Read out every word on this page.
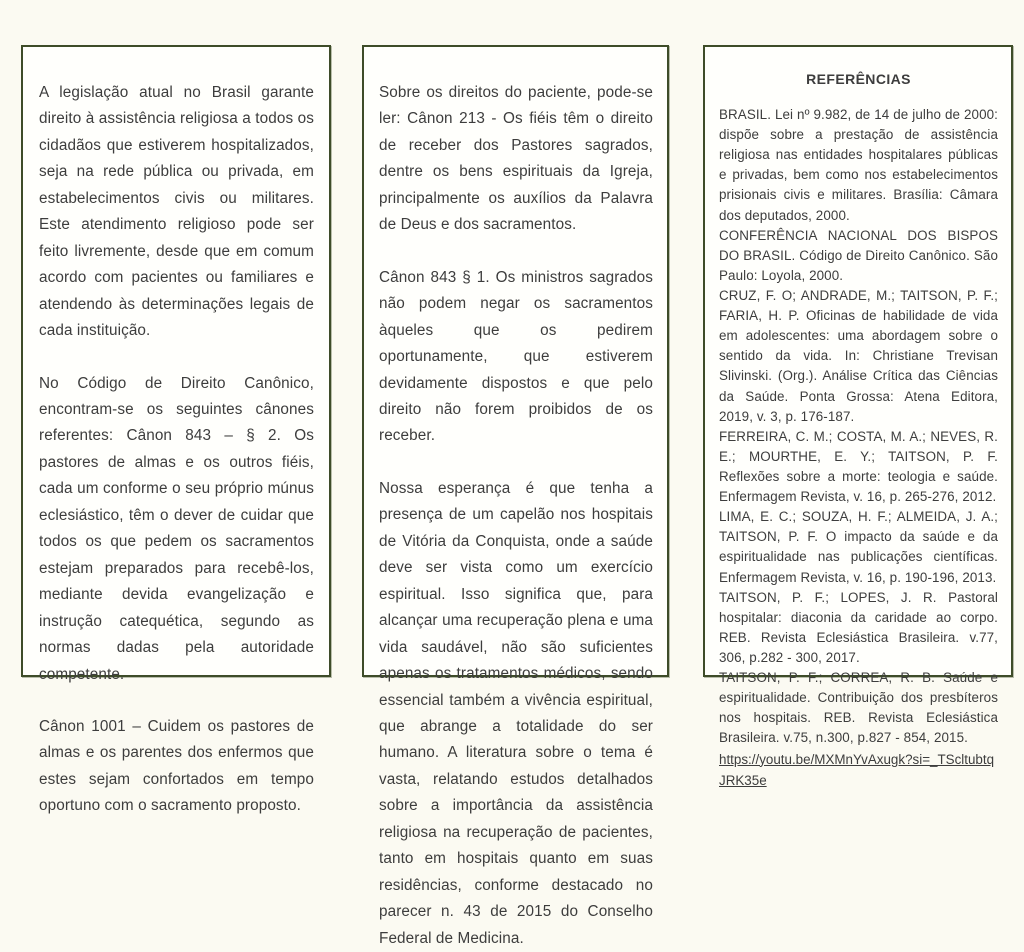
A legislação atual no Brasil garante direito à assistência religiosa a todos os cidadãos que estiverem hospitalizados, seja na rede pública ou privada, em estabelecimentos civis ou militares. Este atendimento religioso pode ser feito livremente, desde que em comum acordo com pacientes ou familiares e atendendo às determinações legais de cada instituição.

No Código de Direito Canônico, encontram-se os seguintes cânones referentes: Cânon 843 – § 2. Os pastores de almas e os outros fiéis, cada um conforme o seu próprio múnus eclesiástico, têm o dever de cuidar que todos os que pedem os sacramentos estejam preparados para recebê-los, mediante devida evangelização e instrução catequética, segundo as normas dadas pela autoridade competente.

Cânon 1001 – Cuidem os pastores de almas e os parentes dos enfermos que estes sejam confortados em tempo oportuno com o sacramento proposto.

Sobre os direitos do paciente, pode-se ler: Cânon 213 - Os fiéis têm o direito de receber dos Pastores sagrados, dentre os bens espirituais da Igreja, principalmente os auxílios da Palavra de Deus e dos sacramentos.

Cânon 843 § 1. Os ministros sagrados não podem negar os sacramentos àqueles que os pedirem oportunamente, que estiverem devidamente dispostos e que pelo direito não forem proibidos de os receber.

Nossa esperança é que tenha a presença de um capelão nos hospitais de Vitória da Conquista, onde a saúde deve ser vista como um exercício espiritual. Isso significa que, para alcançar uma recuperação plena e uma vida saudável, não são suficientes apenas os tratamentos médicos, sendo essencial também a vivência espiritual, que abrange a totalidade do ser humano. A literatura sobre o tema é vasta, relatando estudos detalhados sobre a importância da assistência religiosa na recuperação de pacientes, tanto em hospitais quanto em suas residências, conforme destacado no parecer n. 43 de 2015 do Conselho Federal de Medicina.

REFERÊNCIAS

BRASIL. Lei nº 9.982, de 14 de julho de 2000: dispõe sobre a prestação de assistência religiosa nas entidades hospitalares públicas e privadas, bem como nos estabelecimentos prisionais civis e militares. Brasília: Câmara dos deputados, 2000.

CONFERÊNCIA NACIONAL DOS BISPOS DO BRASIL. Código de Direito Canônico. São Paulo: Loyola, 2000.

CRUZ, F. O; ANDRADE, M.; TAITSON, P. F.; FARIA, H. P. Oficinas de habilidade de vida em adolescentes: uma abordagem sobre o sentido da vida. In: Christiane Trevisan Slivinski. (Org.). Análise Crítica das Ciências da Saúde. Ponta Grossa: Atena Editora, 2019, v. 3, p. 176-187.

FERREIRA, C. M.; COSTA, M. A.; NEVES, R. E.; MOURTHE, E. Y.; TAITSON, P. F. Reflexões sobre a morte: teologia e saúde. Enfermagem Revista, v. 16, p. 265-276, 2012.

LIMA, E. C.; SOUZA, H. F.; ALMEIDA, J. A.; TAITSON, P. F. O impacto da saúde e da espiritualidade nas publicações científicas. Enfermagem Revista, v. 16, p. 190-196, 2013.

TAITSON, P. F.; LOPES, J. R. Pastoral hospitalar: diaconia da caridade ao corpo. REB. Revista Eclesiástica Brasileira. v.77, 306, p.282 - 300, 2017.

TAITSON, P. F.; CORREA, R. B. Saúde e espiritualidade. Contribuição dos presbíteros nos hospitais. REB. Revista Eclesiástica Brasileira. v.75, n.300, p.827 - 854, 2015.

https://youtu.be/MXMnYvAxugk?si=_TScltubtqJRK35e
